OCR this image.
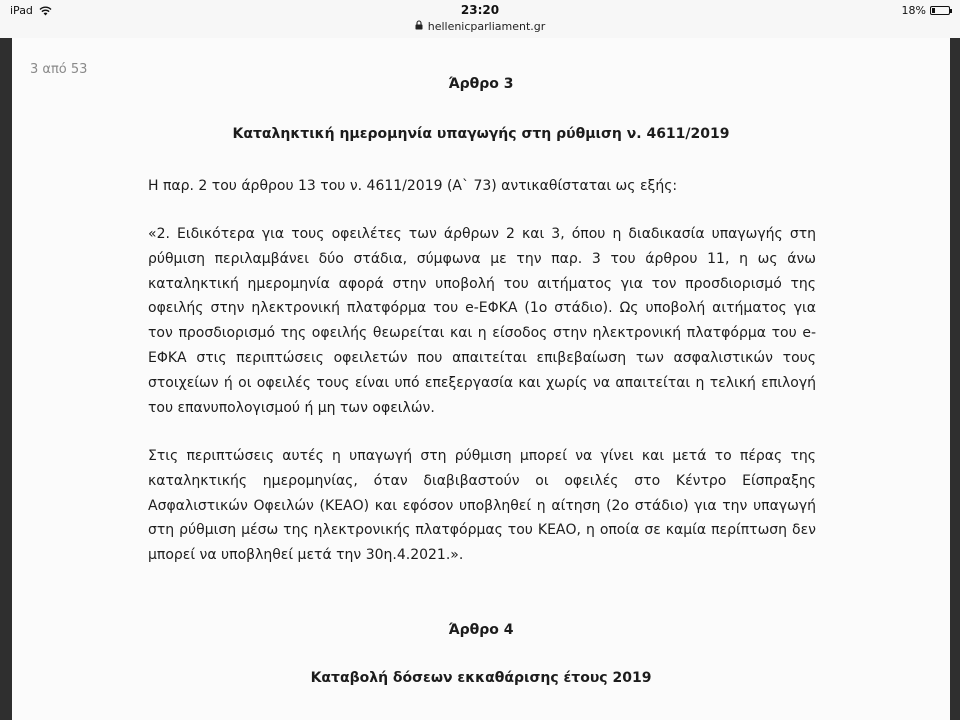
iPad	23:20	18%
hellenicparliament.gr
3 από 53
Άρθρο 3
Καταληκτική ημερομηνία υπαγωγής στη ρύθμιση ν. 4611/2019

Η παρ. 2 του άρθρου 13 του ν. 4611/2019 (Α` 73) αντικαθίσταται ως εξής:

«2. Ειδικότερα για τους οφειλέτες των άρθρων 2 και 3, όπου η διαδικασία υπαγωγής στη ρύθμιση περιλαμβάνει δύο στάδια, σύμφωνα με την παρ. 3 του άρθρου 11, η ως άνω καταληκτική ημερομηνία αφορά στην υποβολή του αιτήματος για τον προσδιορισμό της οφειλής στην ηλεκτρονική πλατφόρμα του e-ΕΦΚΑ (1ο στάδιο). Ως υποβολή αιτήματος για τον προσδιορισμό της οφειλής θεωρείται και η είσοδος στην ηλεκτρονική πλατφόρμα του e-ΕΦΚΑ στις περιπτώσεις οφειλετών που απαιτείται επιβεβαίωση των ασφαλιστικών τους στοιχείων ή οι οφειλές τους είναι υπό επεξεργασία και χωρίς να απαιτείται η τελική επιλογή του επανυπολογισμού ή μη των οφειλών.

Στις περιπτώσεις αυτές η υπαγωγή στη ρύθμιση μπορεί να γίνει και μετά το πέρας της καταληκτικής ημερομηνίας, όταν διαβιβαστούν οι οφειλές στο Κέντρο Είσπραξης Ασφαλιστικών Οφειλών (ΚΕΑΟ) και εφόσον υποβληθεί η αίτηση (2ο στάδιο) για την υπαγωγή στη ρύθμιση μέσω της ηλεκτρονικής πλατφόρμας του ΚΕΑΟ, η οποία σε καμία περίπτωση δεν μπορεί να υποβληθεί μετά την 30η.4.2021.».

Άρθρο 4
Καταβολή δόσεων εκκαθάρισης έτους 2019
